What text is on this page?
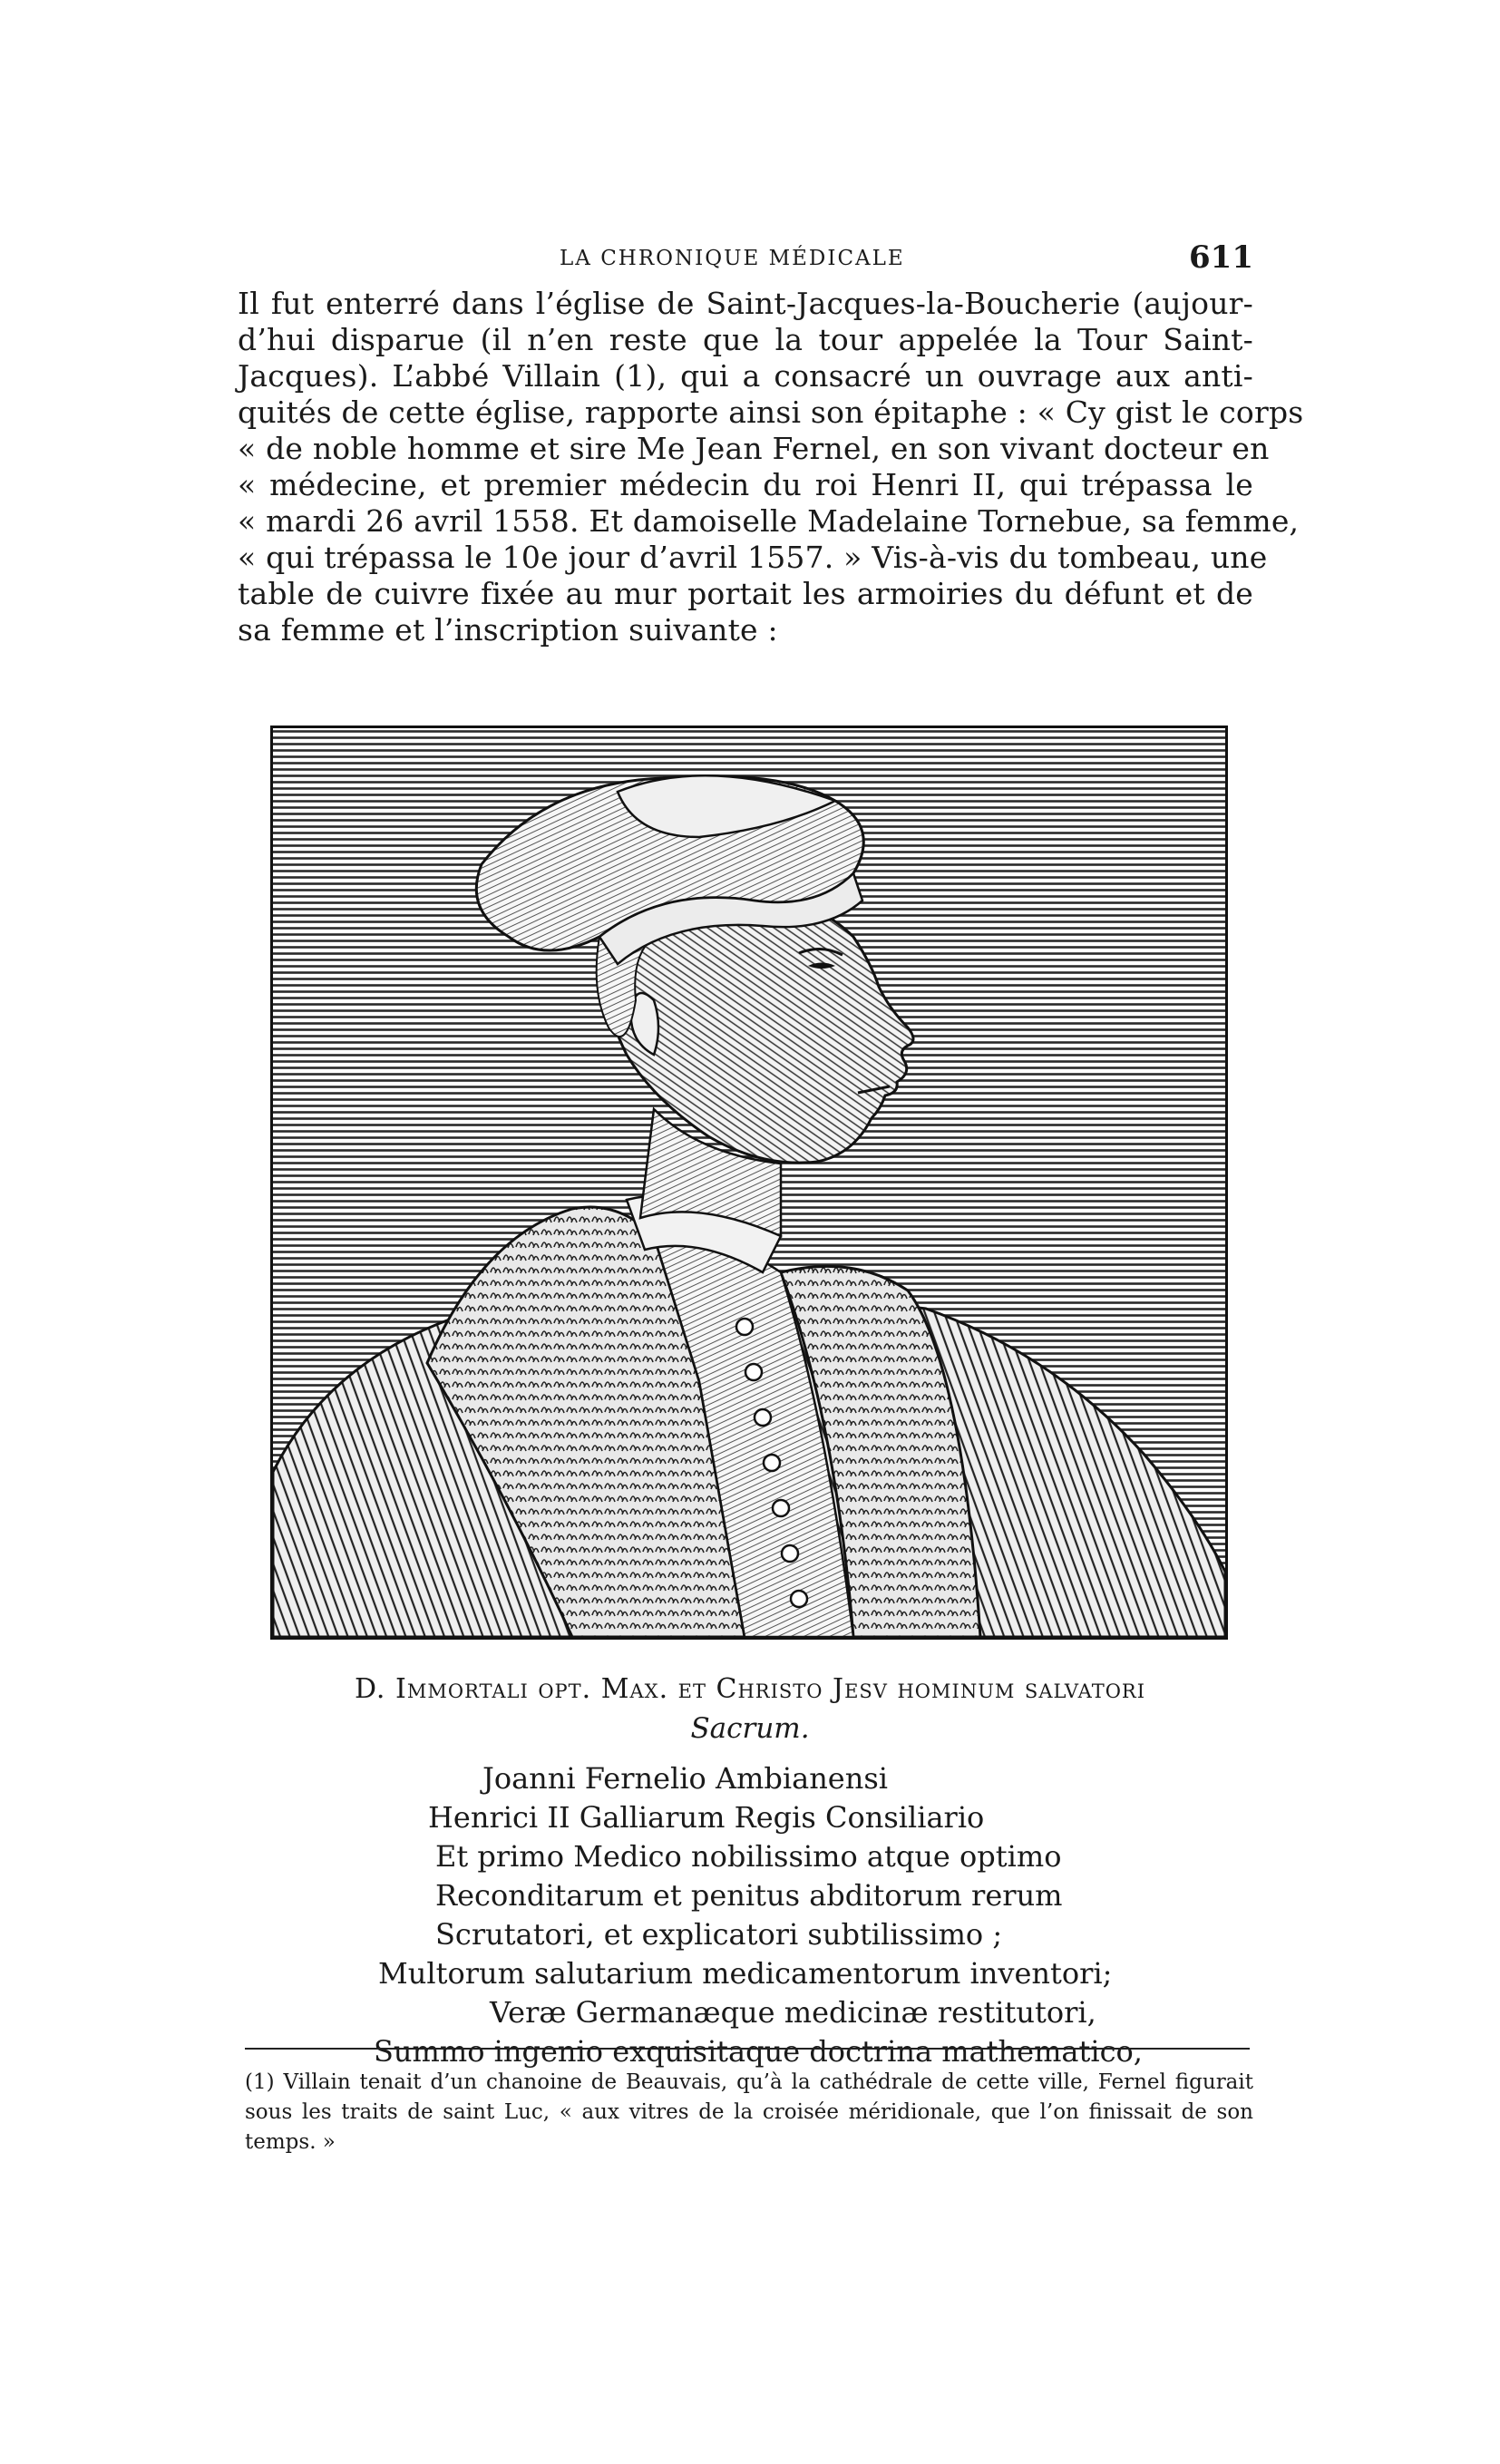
LA CHRONIQUE MÉDICALE	611
Il fut enterré dans l’église de Saint-Jacques-la-Boucherie (aujour-
d’hui disparue (il n’en reste que la tour appelée la Tour Saint-
Jacques). L’abbé Villain (1), qui a consacré un ouvrage aux anti-
quités de cette église, rapporte ainsi son épitaphe : « Cy gist le corps
« de noble homme et sire Me Jean Fernel, en son vivant docteur en
« médecine, et premier médecin du roi Henri II, qui trépassa le
« mardi 26 avril 1558. Et damoiselle Madelaine Tornebue, sa femme,
« qui trépassa le 10e jour d’avril 1557. » Vis-à-vis du tombeau, une
table de cuivre fixée au mur portait les armoiries du défunt et de
sa femme et l’inscription suivante :
D. Immortali opt. Max. et Christo Jesv hominum salvatori
Sacrum.
Joanni Fernelio Ambianensi
Henrici II Galliarum Regis Consiliario
Et primo Medico nobilissimo atque optimo
Reconditarum et penitus abditorum rerum
Scrutatori, et explicatori subtilissimo ;
Multorum salutarium medicamentorum inventori;
Veræ Germanæque medicinæ restitutori,
Summo ingenio exquisitaque doctrina mathematico,
(1) Villain tenait d’un chanoine de Beauvais, qu’à la cathédrale de cette ville, Fernel figurait sous les traits de saint Luc, « aux vitres de la croisée méridionale, que l’on finissait de son temps. »
